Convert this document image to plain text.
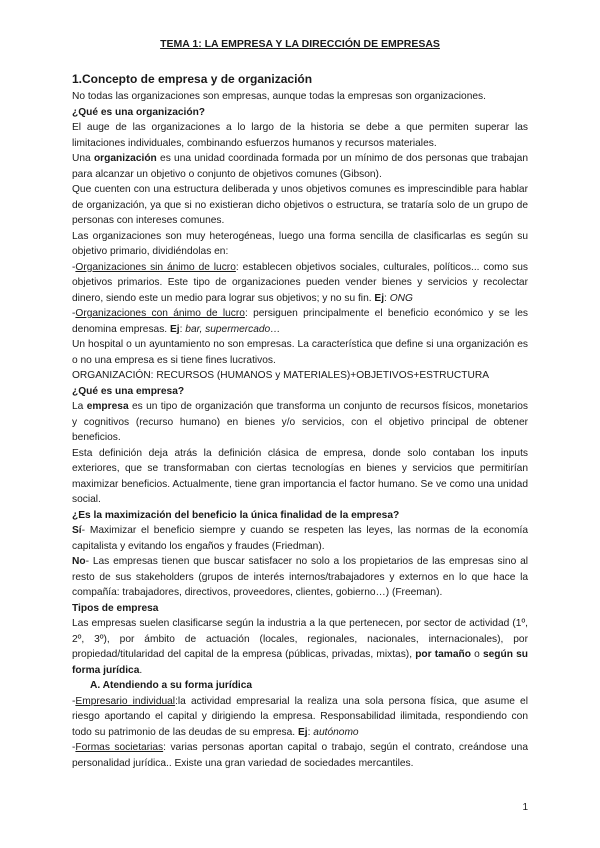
TEMA 1: LA EMPRESA Y LA DIRECCIÓN DE EMPRESAS
1.Concepto de empresa y de organización

No todas las organizaciones son empresas, aunque todas la empresas son organizaciones.

¿Qué es una organización?

El auge de las organizaciones a lo largo de la historia se debe a que permiten superar las limitaciones individuales, combinando esfuerzos humanos y recursos materiales.

Una organización es una unidad coordinada formada por un mínimo de dos personas que trabajan para alcanzar un objetivo o conjunto de objetivos comunes (Gibson).

Que cuenten con una estructura deliberada y unos objetivos comunes es imprescindible para hablar de organización, ya que si no existieran dicho objetivos o estructura, se trataría solo de un grupo de personas con intereses comunes.

Las organizaciones son muy heterogéneas, luego una forma sencilla de clasificarlas es según su objetivo primario, dividiéndolas en:

-Organizaciones sin ánimo de lucro: establecen objetivos sociales, culturales, políticos... como sus objetivos primarios. Este tipo de organizaciones pueden vender bienes y servicios y recolectar dinero, siendo este un medio para lograr sus objetivos; y no su fin. Ej: ONG

-Organizaciones con ánimo de lucro: persiguen principalmente el beneficio económico y se les denomina empresas. Ej: bar, supermercado…

Un hospital o un ayuntamiento no son empresas. La característica que define si una organización es o no una empresa es si tiene fines lucrativos.

ORGANIZACIÓN: RECURSOS (HUMANOS y MATERIALES)+OBJETIVOS+ESTRUCTURA

¿Qué es una empresa?

La empresa es un tipo de organización que transforma un conjunto de recursos físicos, monetarios y cognitivos (recurso humano) en bienes y/o servicios, con el objetivo principal de obtener beneficios.

Esta definición deja atrás la definición clásica de empresa, donde solo contaban los inputs exteriores, que se transformaban con ciertas tecnologías en bienes y servicios que permitirían maximizar beneficios. Actualmente, tiene gran importancia el factor humano. Se ve como una unidad social.

¿Es la maximización del beneficio la única finalidad de la empresa?

Sí- Maximizar el beneficio siempre y cuando se respeten las leyes, las normas de la economía capitalista y evitando los engaños y fraudes (Friedman).

No- Las empresas tienen que buscar satisfacer no solo a los propietarios de las empresas sino al resto de sus stakeholders (grupos de interés internos/trabajadores y externos en lo que hace la compañía: trabajadores, directivos, proveedores, clientes, gobierno…) (Freeman).

Tipos de empresa

Las empresas suelen clasificarse según la industria a la que pertenecen, por sector de actividad (1º, 2º, 3º), por ámbito de actuación (locales, regionales, nacionales, internacionales), por propiedad/titularidad del capital de la empresa (públicas, privadas, mixtas), por tamaño o según su forma jurídica.

A. Atendiendo a su forma jurídica

-Empresario individual:la actividad empresarial la realiza una sola persona física, que asume el riesgo aportando el capital y dirigiendo la empresa. Responsabilidad ilimitada, respondiendo con todo su patrimonio de las deudas de su empresa. Ej: autónomo

-Formas societarias: varias personas aportan capital o trabajo, según el contrato, creándose una personalidad jurídica.. Existe una gran variedad de sociedades mercantiles.

1
